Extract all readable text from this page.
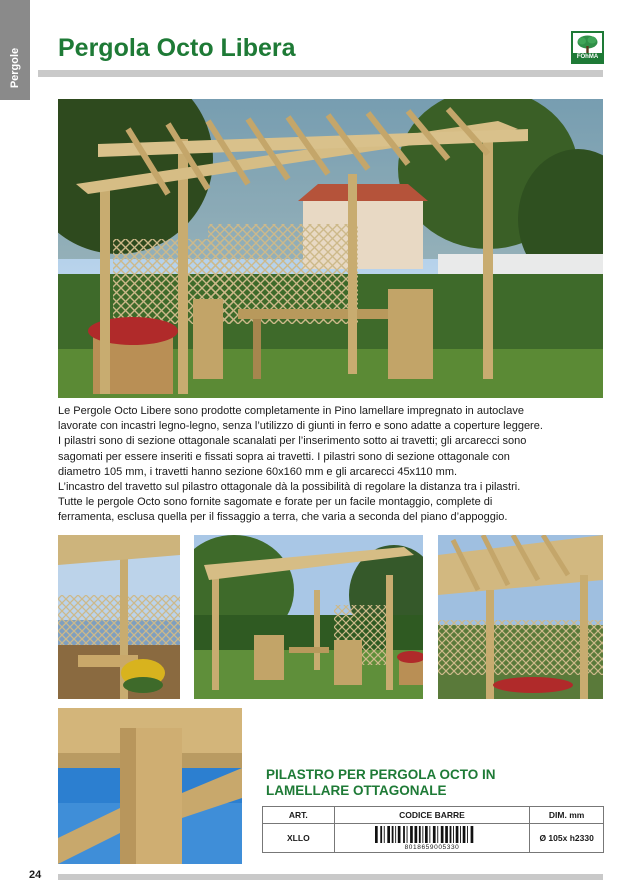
Pergole Pergola Octo Libera	FOhMA

Le Pergole Octo Libere sono prodotte completamente in Pino lamellare impregnato in autoclave

lavorate con incastri legno-legno, senza l’utilizzo di giunti in ferro e sono adatte a coperture leggere.

I pilastri sono di sezione ottagonale scanalati per l’inserimento sotto ai travetti; gli arcarecci sono

sagomati per essere inseriti e fissati sopra ai travetti. I pilastri sono di sezione ottagonale con

diametro 105 mm, i travetti hanno sezione 60x160 mm e gli arcarecci 45x110 mm.

L’incastro del travetto sul pilastro ottagonale dà la possibilità di regolare la distanza tra i pilastri.

Tutte le pergole Octo sono fornite sagomate e forate per un facile montaggio, complete di

ferramenta, esclusa quella per il fissaggio a terra, che varia a seconda del piano d’appoggio.

PILASTRO PER PERGOLA OCTO IN

LAMELLARE OTTAGONALE

ART.	CODICE BARRE	DIM. mm
XLLO	8018659005330	Ø 105x h2330
24
